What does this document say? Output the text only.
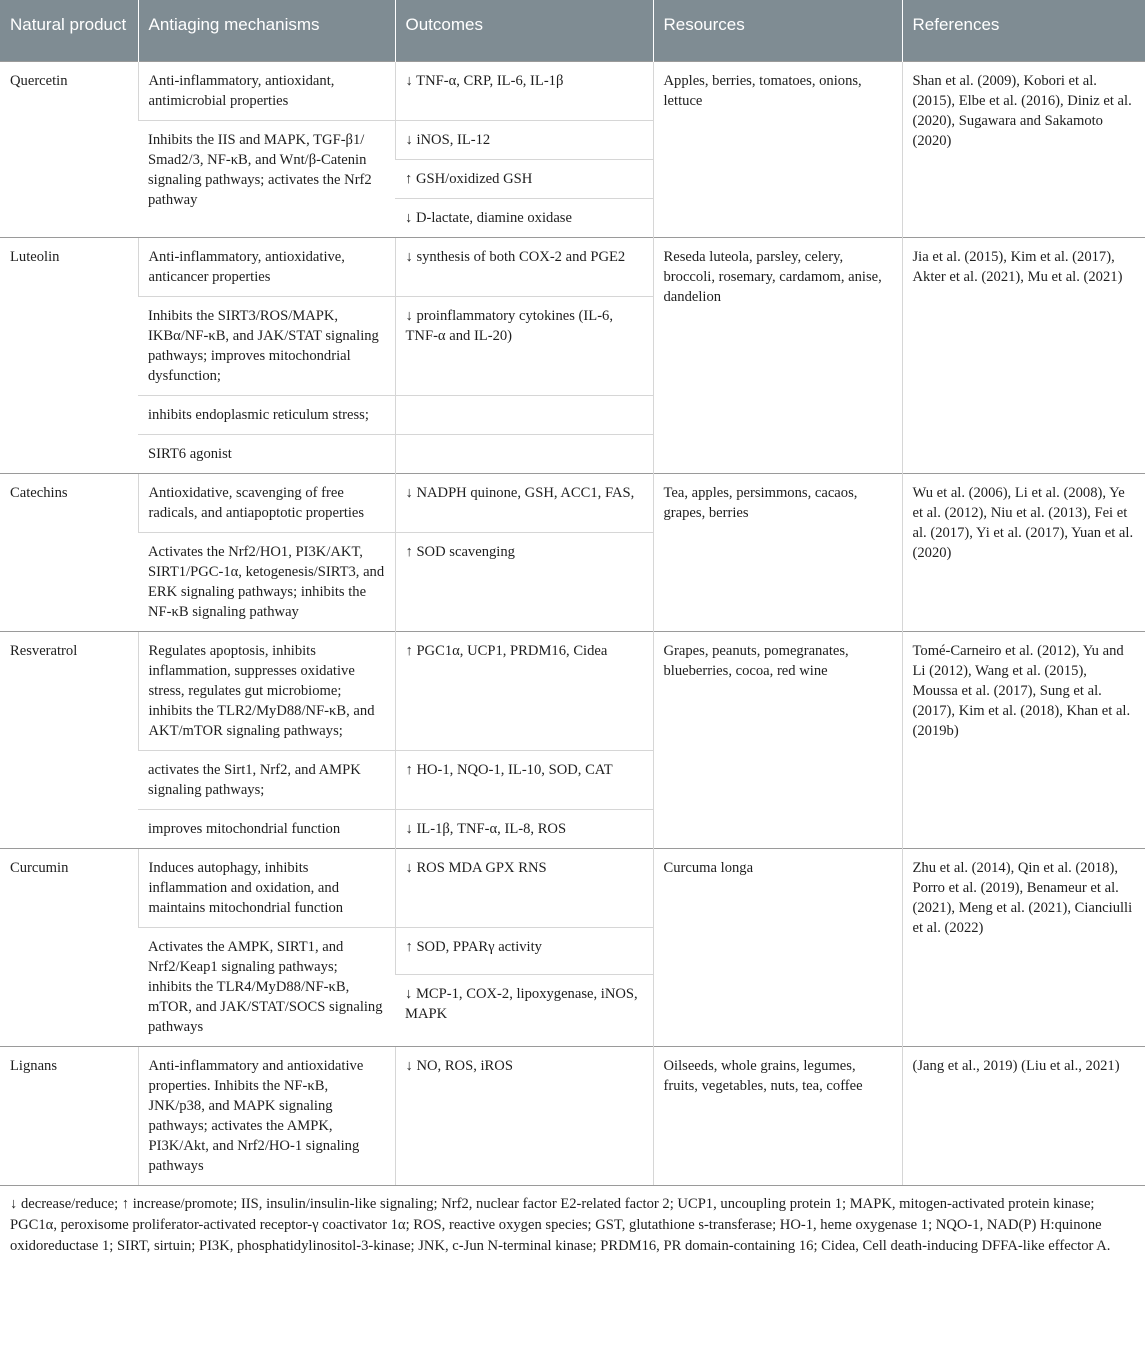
Natural product	Antiaging mechanisms	Outcomes	Resources	References
Quercetin	Anti-inflammatory, antioxidant, antimicrobial properties	↓ TNF-α, CRP, IL-6, IL-1β	Apples, berries, tomatoes, onions, lettuce	Shan et al. (2009), Kobori et al. (2015), Elbe et al. (2016), Diniz et al. (2020), Sugawara and Sakamoto (2020)
	Inhibits the IIS and MAPK, TGF-β1/ Smad2/3, NF-κB, and Wnt/β-Catenin signaling pathways; activates the Nrf2 pathway	↓ iNOS, IL-12		
		↑ GSH/oxidized GSH		
		↓ D-lactate, diamine oxidase		
Luteolin	Anti-inflammatory, antioxidative, anticancer properties	↓ synthesis of both COX-2 and PGE2	Reseda luteola, parsley, celery, broccoli, rosemary, cardamom, anise, dandelion	Jia et al. (2015), Kim et al. (2017), Akter et al. (2021), Mu et al. (2021)
	Inhibits the SIRT3/ROS/MAPK, IKBα/NF-κB, and JAK/STAT signaling pathways; improves mitochondrial dysfunction;	↓ proinflammatory cytokines (IL-6, TNF-α and IL-20)		
	inhibits endoplasmic reticulum stress;			
	SIRT6 agonist			
Catechins	Antioxidative, scavenging of free radicals, and antiapoptotic properties	↓ NADPH quinone, GSH, ACC1, FAS,	Tea, apples, persimmons, cacaos, grapes, berries	Wu et al. (2006), Li et al. (2008), Ye et al. (2012), Niu et al. (2013), Fei et al. (2017), Yi et al. (2017), Yuan et al. (2020)
	Activates the Nrf2/HO1, PI3K/AKT, SIRT1/PGC-1α, ketogenesis/SIRT3, and ERK signaling pathways; inhibits the NF-κB signaling pathway	↑ SOD scavenging		
Resveratrol	Regulates apoptosis, inhibits inflammation, suppresses oxidative stress, regulates gut microbiome; inhibits the TLR2/MyD88/NF-κB, and AKT/mTOR signaling pathways;	↑ PGC1α, UCP1, PRDM16, Cidea	Grapes, peanuts, pomegranates, blueberries, cocoa, red wine	Tomé-Carneiro et al. (2012), Yu and Li (2012), Wang et al. (2015), Moussa et al. (2017), Sung et al. (2017), Kim et al. (2018), Khan et al. (2019b)
	activates the Sirt1, Nrf2, and AMPK signaling pathways;	↑ HO-1, NQO-1, IL-10, SOD, CAT		
	improves mitochondrial function	↓ IL-1β, TNF-α, IL-8, ROS		
Curcumin	Induces autophagy, inhibits inflammation and oxidation, and maintains mitochondrial function	↓ ROS MDA GPX RNS	Curcuma longa	Zhu et al. (2014), Qin et al. (2018), Porro et al. (2019), Benameur et al. (2021), Meng et al. (2021), Cianciulli et al. (2022)
	Activates the AMPK, SIRT1, and Nrf2/Keap1 signaling pathways; inhibits the TLR4/MyD88/NF-κB, mTOR, and JAK/STAT/SOCS signaling pathways	↑ SOD, PPARγ activity		
		↓ MCP-1, COX-2, lipoxygenase, iNOS, MAPK		
Lignans	Anti-inflammatory and antioxidative properties. Inhibits the NF-κB, JNK/p38, and MAPK signaling pathways; activates the AMPK, PI3K/Akt, and Nrf2/HO-1 signaling pathways	↓ NO, ROS, iROS	Oilseeds, whole grains, legumes, fruits, vegetables, nuts, tea, coffee	(Jang et al., 2019) (Liu et al., 2021)
↓ decrease/reduce; ↑ increase/promote; IIS, insulin/insulin-like signaling; Nrf2, nuclear factor E2-related factor 2; UCP1, uncoupling protein 1; MAPK, mitogen-activated protein kinase; PGC1α, peroxisome proliferator-activated receptor-γ coactivator 1α; ROS, reactive oxygen species; GST, glutathione s-transferase; HO-1, heme oxygenase 1; NQO-1, NAD(P) H:quinone oxidoreductase 1; SIRT, sirtuin; PI3K, phosphatidylinositol-3-kinase; JNK, c-Jun N-terminal kinase; PRDM16, PR domain-containing 16; Cidea, Cell death-inducing DFFA-like effector A.
